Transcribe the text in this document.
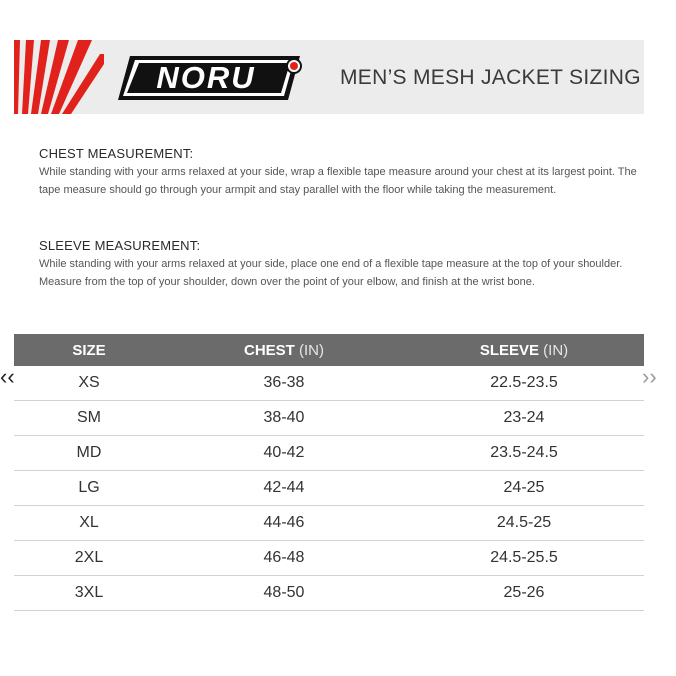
NORU	MEN’S MESH JACKET SIZING

CHEST MEASUREMENT:

While standing with your arms relaxed at your side, wrap a flexible tape measure around your chest at its largest point. The tape measure should go through your armpit and stay parallel with the floor while taking the measurement.

SLEEVE MEASUREMENT:

While standing with your arms relaxed at your side, place one end of a flexible tape measure at the top of your shoulder. Measure from the top of your shoulder, down over the point of your elbow, and finish at the wrist bone.

SIZE	CHEST (IN)	SLEEVE (IN)
XS	36-38	22.5-23.5
SM	38-40	23-24
MD	40-42	23.5-24.5
LG	42-44	24-25
XL	44-46	24.5-25
2XL	46-48	24.5-25.5
3XL	48-50	25-26
‹‹	››
